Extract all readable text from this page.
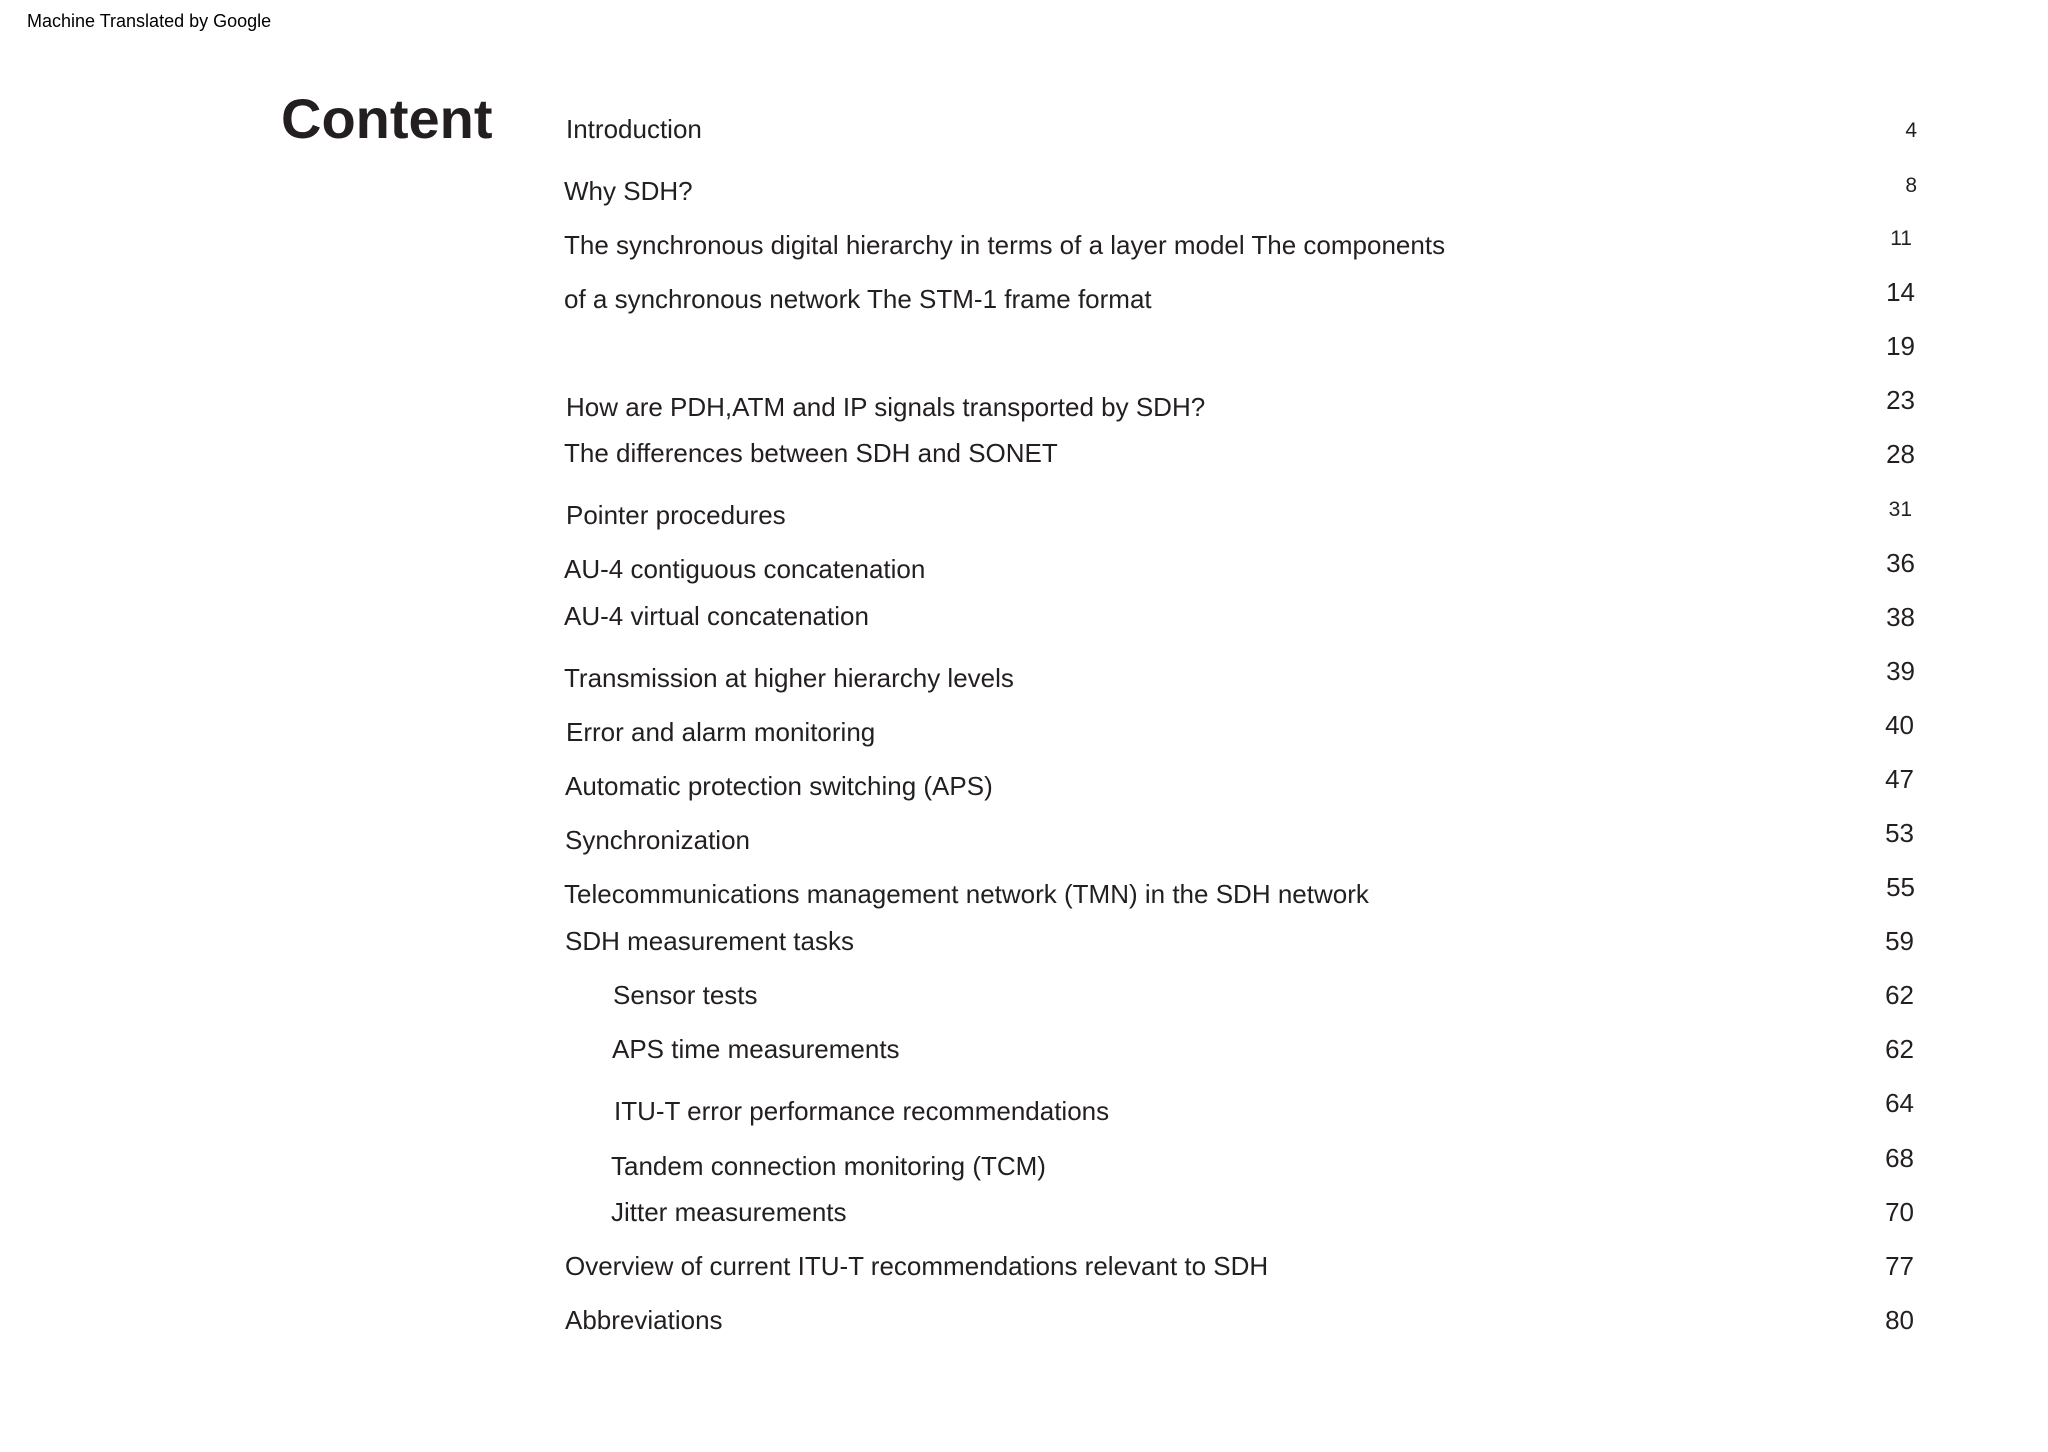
Machine Translated by Google
Content	Introduction
Why SDH?
The synchronous digital hierarchy in terms of a layer model The components
of a synchronous network The STM-1 frame format
How are PDH,ATM and IP signals transported by SDH?
The differences between SDH and SONET
Pointer procedures
AU-4 contiguous concatenation
AU-4 virtual concatenation
Transmission at higher hierarchy levels
Error and alarm monitoring
Automatic protection switching (APS)
Synchronization
Telecommunications management network (TMN) in the SDH network
SDH measurement tasks
Sensor tests
APS time measurements
ITU-T error performance recommendations
Tandem connection monitoring (TCM)
Jitter measurements
Overview of current ITU-T recommendations relevant to SDH
Abbreviations
4
8
11
14
19
23
28
31
36
38
39
40
47
53
55
59
62
62
64
68
70
77
80
